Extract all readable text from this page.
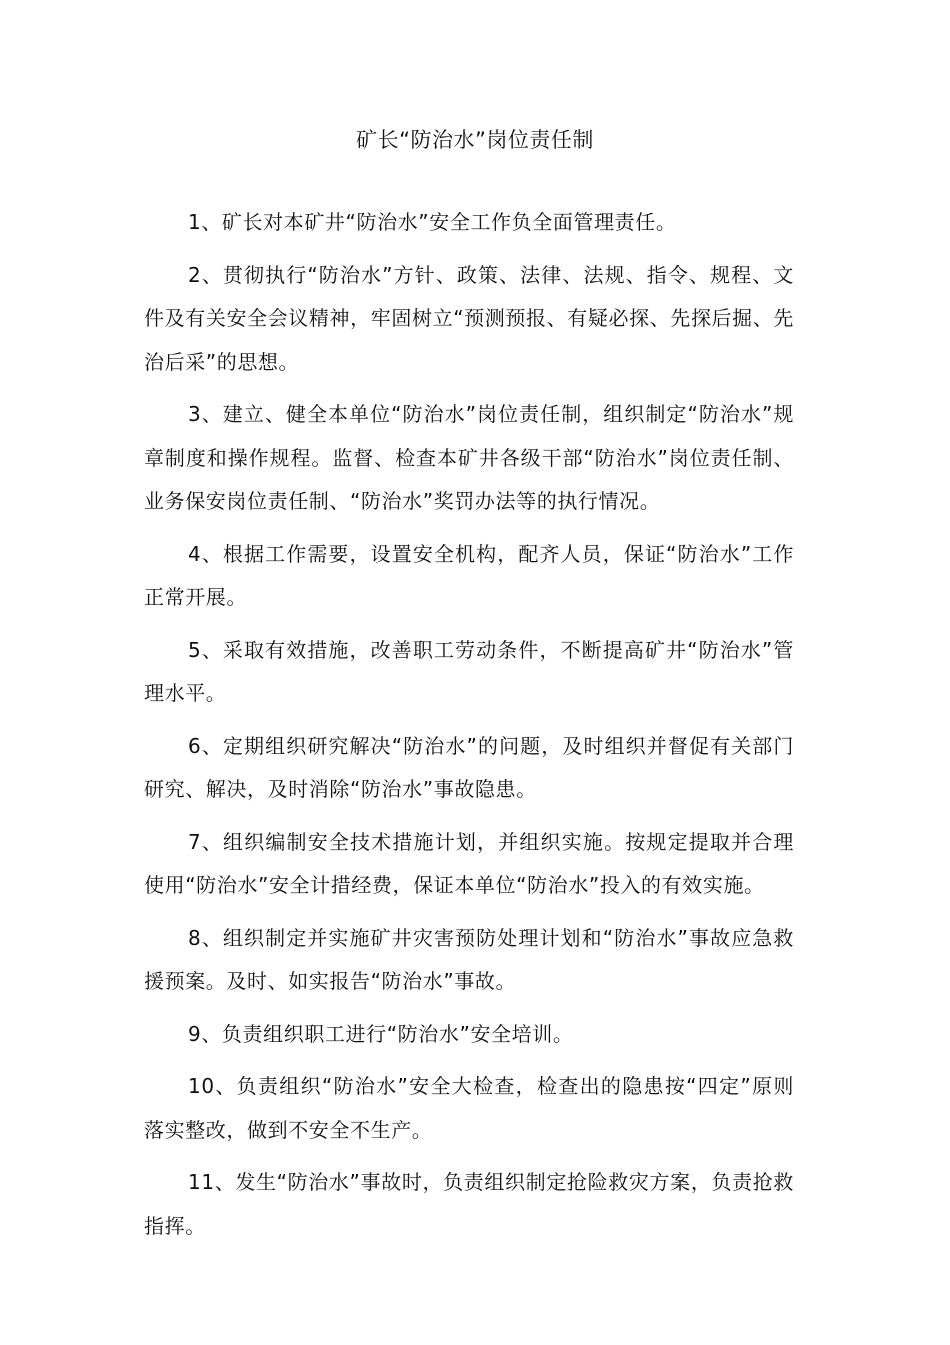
矿长“防治水”岗位责任制

1、矿长对本矿井“防治水”安全工作负全面管理责任。

2、贯彻执行“防治水”方针、政策、法律、法规、指令、规程、文件及有关安全会议精神，牢固树立“预测预报、有疑必探、先探后掘、先治后采”的思想。

3、建立、健全本单位“防治水”岗位责任制，组织制定“防治水”规章制度和操作规程。监督、检查本矿井各级干部“防治水”岗位责任制、业务保安岗位责任制、“防治水”奖罚办法等的执行情况。

4、根据工作需要，设置安全机构，配齐人员，保证“防治水”工作正常开展。

5、采取有效措施，改善职工劳动条件，不断提高矿井“防治水”管理水平。

6、定期组织研究解决“防治水”的问题，及时组织并督促有关部门研究、解决，及时消除“防治水”事故隐患。

7、组织编制安全技术措施计划，并组织实施。按规定提取并合理使用“防治水”安全计措经费，保证本单位“防治水”投入的有效实施。

8、组织制定并实施矿井灾害预防处理计划和“防治水”事故应急救援预案。及时、如实报告“防治水”事故。

9、负责组织职工进行“防治水”安全培训。

10、负责组织“防治水”安全大检查，检查出的隐患按“四定”原则落实整改，做到不安全不生产。

11、发生“防治水”事故时，负责组织制定抢险救灾方案，负责抢救指挥。
